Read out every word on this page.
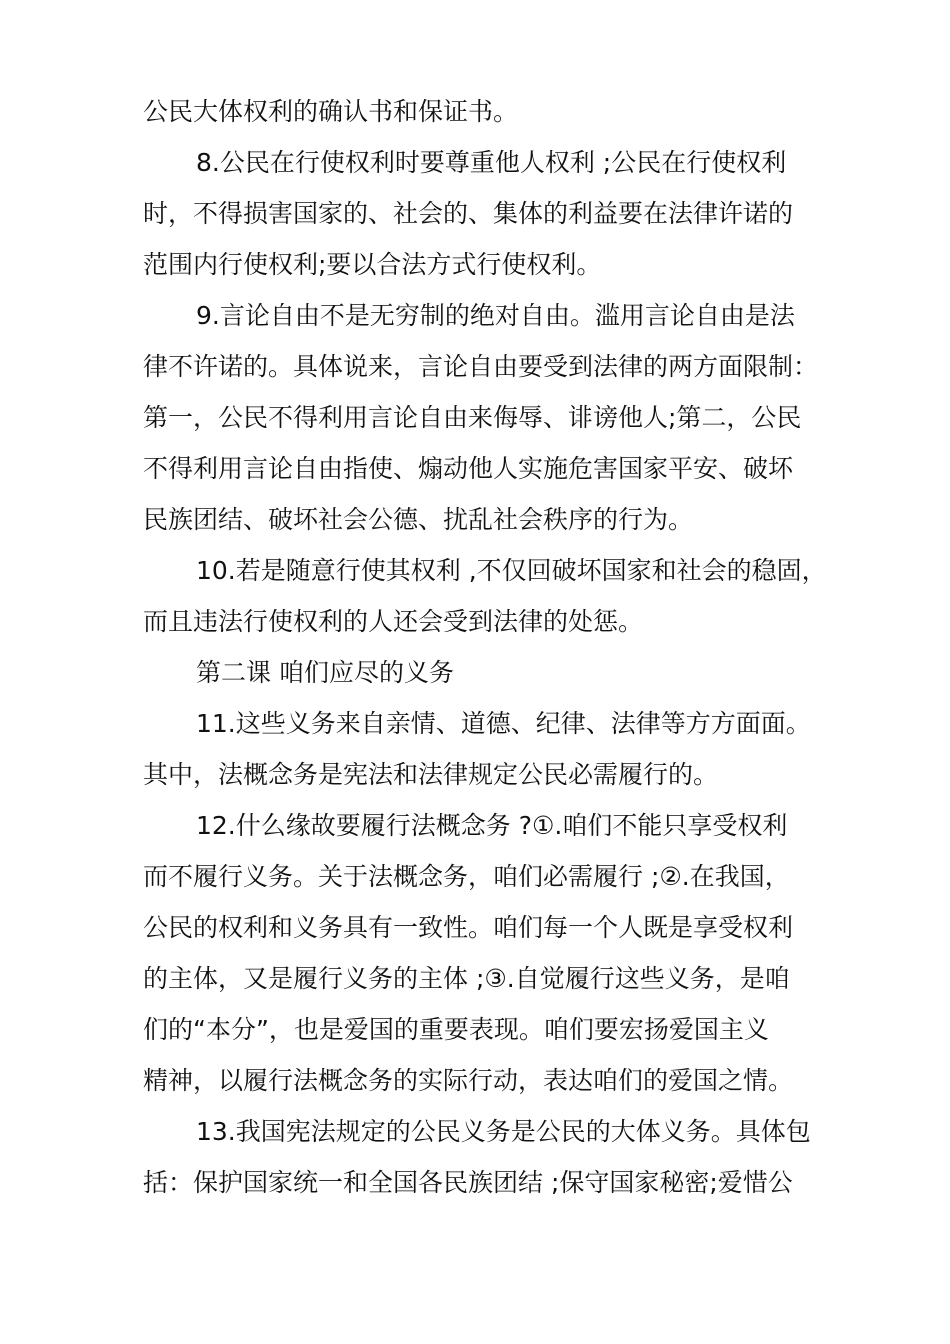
公民大体权利的确认书和保证书。
8.公民在行使权利时要尊重他人权利 ;公民在行使权利
时，不得损害国家的、社会的、集体的利益要在法律许诺的
范围内行使权利;要以合法方式行使权利。
9.言论自由不是无穷制的绝对自由。滥用言论自由是法
律不许诺的。具体说来，言论自由要受到法律的两方面限制：
第一，公民不得利用言论自由来侮辱、诽谤他人;第二，公民
不得利用言论自由指使、煽动他人实施危害国家平安、破坏
民族团结、破坏社会公德、扰乱社会秩序的行为。
10.若是随意行使其权利 ,不仅回破坏国家和社会的稳固，
而且违法行使权利的人还会受到法律的处惩。
第二课 咱们应尽的义务
11.这些义务来自亲情、道德、纪律、法律等方方面面。
其中，法概念务是宪法和法律规定公民必需履行的。
12.什么缘故要履行法概念务 ?①.咱们不能只享受权利
而不履行义务。关于法概念务，咱们必需履行 ;②.在我国，
公民的权利和义务具有一致性。咱们每一个人既是享受权利
的主体，又是履行义务的主体 ;③.自觉履行这些义务，是咱
们的“本分”，也是爱国的重要表现。咱们要宏扬爱国主义
精神，以履行法概念务的实际行动，表达咱们的爱国之情。
13.我国宪法规定的公民义务是公民的大体义务。具体包
括：保护国家统一和全国各民族团结 ;保守国家秘密;爱惜公
